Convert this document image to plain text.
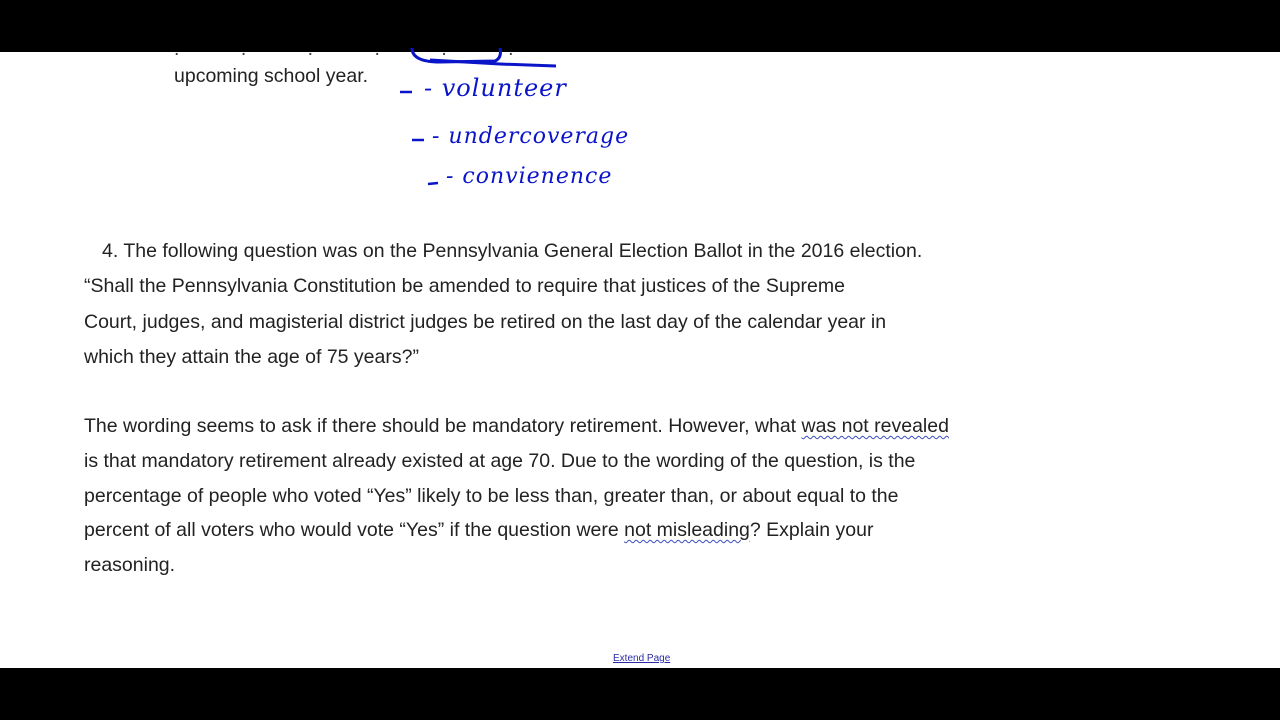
. . . . . .
upcoming school year. - volunteer
- undercoverage
- convienence
4. The following question was on the Pennsylvania General Election Ballot in the 2016 election.
“Shall the Pennsylvania Constitution be amended to require that justices of the Supreme
Court, judges, and magisterial district judges be retired on the last day of the calendar year in
which they attain the age of 75 years?”
The wording seems to ask if there should be mandatory retirement. However, what was not revealed
is that mandatory retirement already existed at age 70. Due to the wording of the question, is the
percentage of people who voted “Yes” likely to be less than, greater than, or about equal to the
percent of all voters who would vote “Yes” if the question were not misleading? Explain your
reasoning.
Extend Page
